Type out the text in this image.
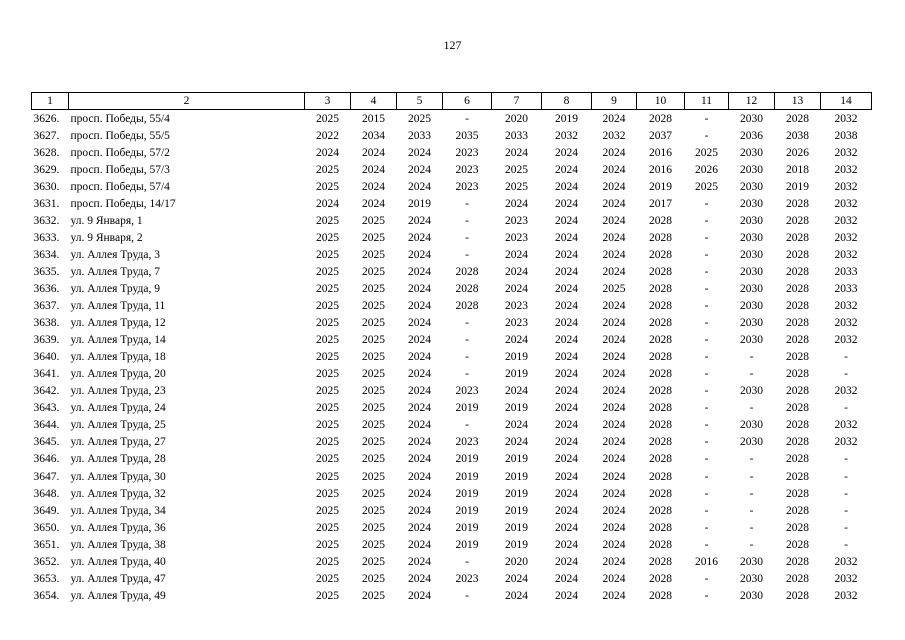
127
1	2	3	4	5	6	7	8	9	10	11	12	13	14
3626.	просп. Победы, 55/4	2025	2015	2025	-	2020	2019	2024	2028	-	2030	2028	2032
3627.	просп. Победы, 55/5	2022	2034	2033	2035	2033	2032	2032	2037	-	2036	2038	2038
3628.	просп. Победы, 57/2	2024	2024	2024	2023	2024	2024	2024	2016	2025	2030	2026	2032
3629.	просп. Победы, 57/3	2025	2024	2024	2023	2025	2024	2024	2016	2026	2030	2018	2032
3630.	просп. Победы, 57/4	2025	2024	2024	2023	2025	2024	2024	2019	2025	2030	2019	2032
3631.	просп. Победы, 14/17	2024	2024	2019	-	2024	2024	2024	2017	-	2030	2028	2032
3632.	ул. 9 Января, 1	2025	2025	2024	-	2023	2024	2024	2028	-	2030	2028	2032
3633.	ул. 9 Января, 2	2025	2025	2024	-	2023	2024	2024	2028	-	2030	2028	2032
3634.	ул. Аллея Труда, 3	2025	2025	2024	-	2024	2024	2024	2028	-	2030	2028	2032
3635.	ул. Аллея Труда, 7	2025	2025	2024	2028	2024	2024	2024	2028	-	2030	2028	2033
3636.	ул. Аллея Труда, 9	2025	2025	2024	2028	2024	2024	2025	2028	-	2030	2028	2033
3637.	ул. Аллея Труда, 11	2025	2025	2024	2028	2023	2024	2024	2028	-	2030	2028	2032
3638.	ул. Аллея Труда, 12	2025	2025	2024	-	2023	2024	2024	2028	-	2030	2028	2032
3639.	ул. Аллея Труда, 14	2025	2025	2024	-	2024	2024	2024	2028	-	2030	2028	2032
3640.	ул. Аллея Труда, 18	2025	2025	2024	-	2019	2024	2024	2028	-	-	2028	-
3641.	ул. Аллея Труда, 20	2025	2025	2024	-	2019	2024	2024	2028	-	-	2028	-
3642.	ул. Аллея Труда, 23	2025	2025	2024	2023	2024	2024	2024	2028	-	2030	2028	2032
3643.	ул. Аллея Труда, 24	2025	2025	2024	2019	2019	2024	2024	2028	-	-	2028	-
3644.	ул. Аллея Труда, 25	2025	2025	2024	-	2024	2024	2024	2028	-	2030	2028	2032
3645.	ул. Аллея Труда, 27	2025	2025	2024	2023	2024	2024	2024	2028	-	2030	2028	2032
3646.	ул. Аллея Труда, 28	2025	2025	2024	2019	2019	2024	2024	2028	-	-	2028	-
3647.	ул. Аллея Труда, 30	2025	2025	2024	2019	2019	2024	2024	2028	-	-	2028	-
3648.	ул. Аллея Труда, 32	2025	2025	2024	2019	2019	2024	2024	2028	-	-	2028	-
3649.	ул. Аллея Труда, 34	2025	2025	2024	2019	2019	2024	2024	2028	-	-	2028	-
3650.	ул. Аллея Труда, 36	2025	2025	2024	2019	2019	2024	2024	2028	-	-	2028	-
3651.	ул. Аллея Труда, 38	2025	2025	2024	2019	2019	2024	2024	2028	-	-	2028	-
3652.	ул. Аллея Труда, 40	2025	2025	2024	-	2020	2024	2024	2028	2016	2030	2028	2032
3653.	ул. Аллея Труда, 47	2025	2025	2024	2023	2024	2024	2024	2028	-	2030	2028	2032
3654.	ул. Аллея Труда, 49	2025	2025	2024	-	2024	2024	2024	2028	-	2030	2028	2032
